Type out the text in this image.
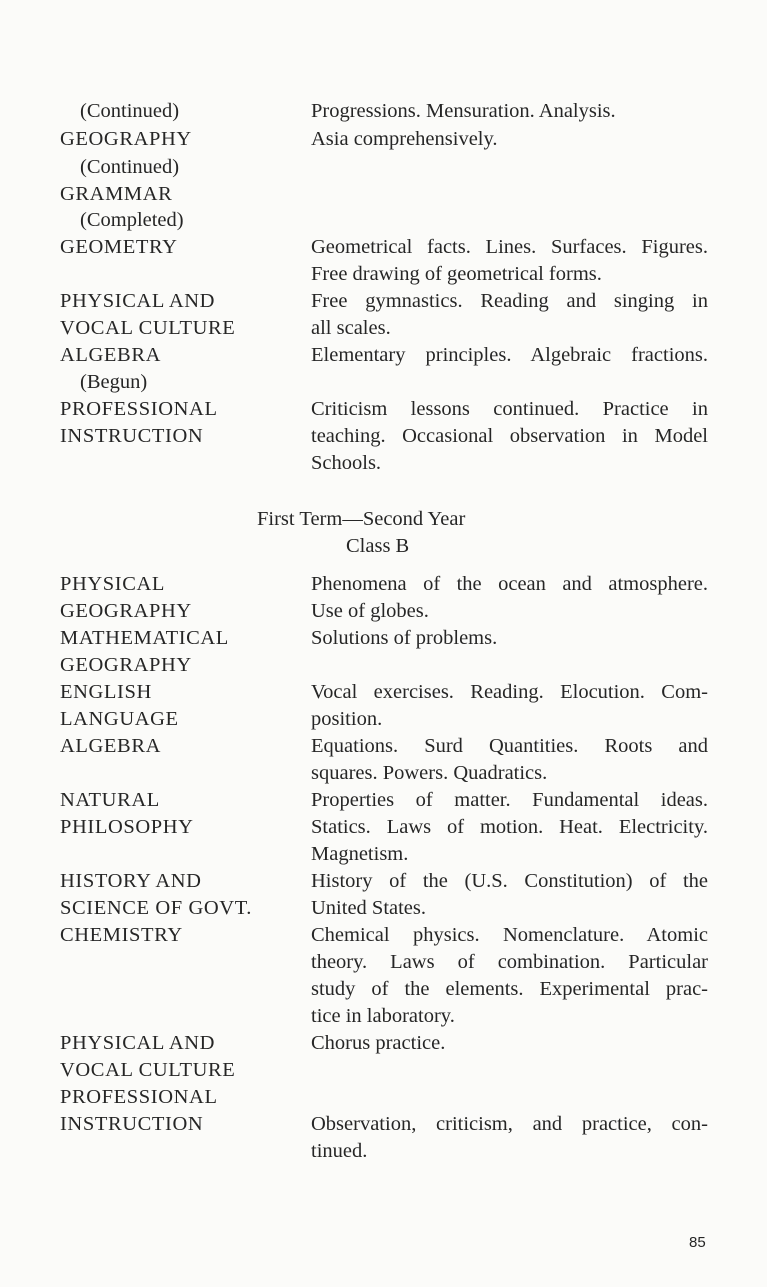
(Continued)
GEOGRAPHY
(Continued)
GRAMMAR
(Completed)
GEOMETRY
PHYSICAL AND
VOCAL CULTURE
ALGEBRA
(Begun)
PROFESSIONAL
INSTRUCTION
Progressions. Mensuration. Analysis.
Asia comprehensively.
Geometrical facts. Lines. Surfaces. Figures.
Free drawing of geometrical forms.
Free gymnastics. Reading and singing in
all scales.
Elementary principles. Algebraic fractions.
Criticism lessons continued. Practice in
teaching. Occasional observation in Model
Schools.
First Term—Second Year
Class B
PHYSICAL
GEOGRAPHY
MATHEMATICAL
GEOGRAPHY
ENGLISH
LANGUAGE
ALGEBRA
NATURAL
PHILOSOPHY
HISTORY AND
SCIENCE OF GOVT.
CHEMISTRY
PHYSICAL AND
VOCAL CULTURE
PROFESSIONAL
INSTRUCTION
Phenomena of the ocean and atmosphere.
Use of globes.
Solutions of problems.
Vocal exercises. Reading. Elocution. Com-
position.
Equations. Surd Quantities. Roots and
squares. Powers. Quadratics.
Properties of matter. Fundamental ideas.
Statics. Laws of motion. Heat. Electricity.
Magnetism.
History of the (U.S. Constitution) of the
United States.
Chemical physics. Nomenclature. Atomic
theory. Laws of combination. Particular
study of the elements. Experimental prac-
tice in laboratory.
Chorus practice.
Observation, criticism, and practice, con-
tinued.
85
